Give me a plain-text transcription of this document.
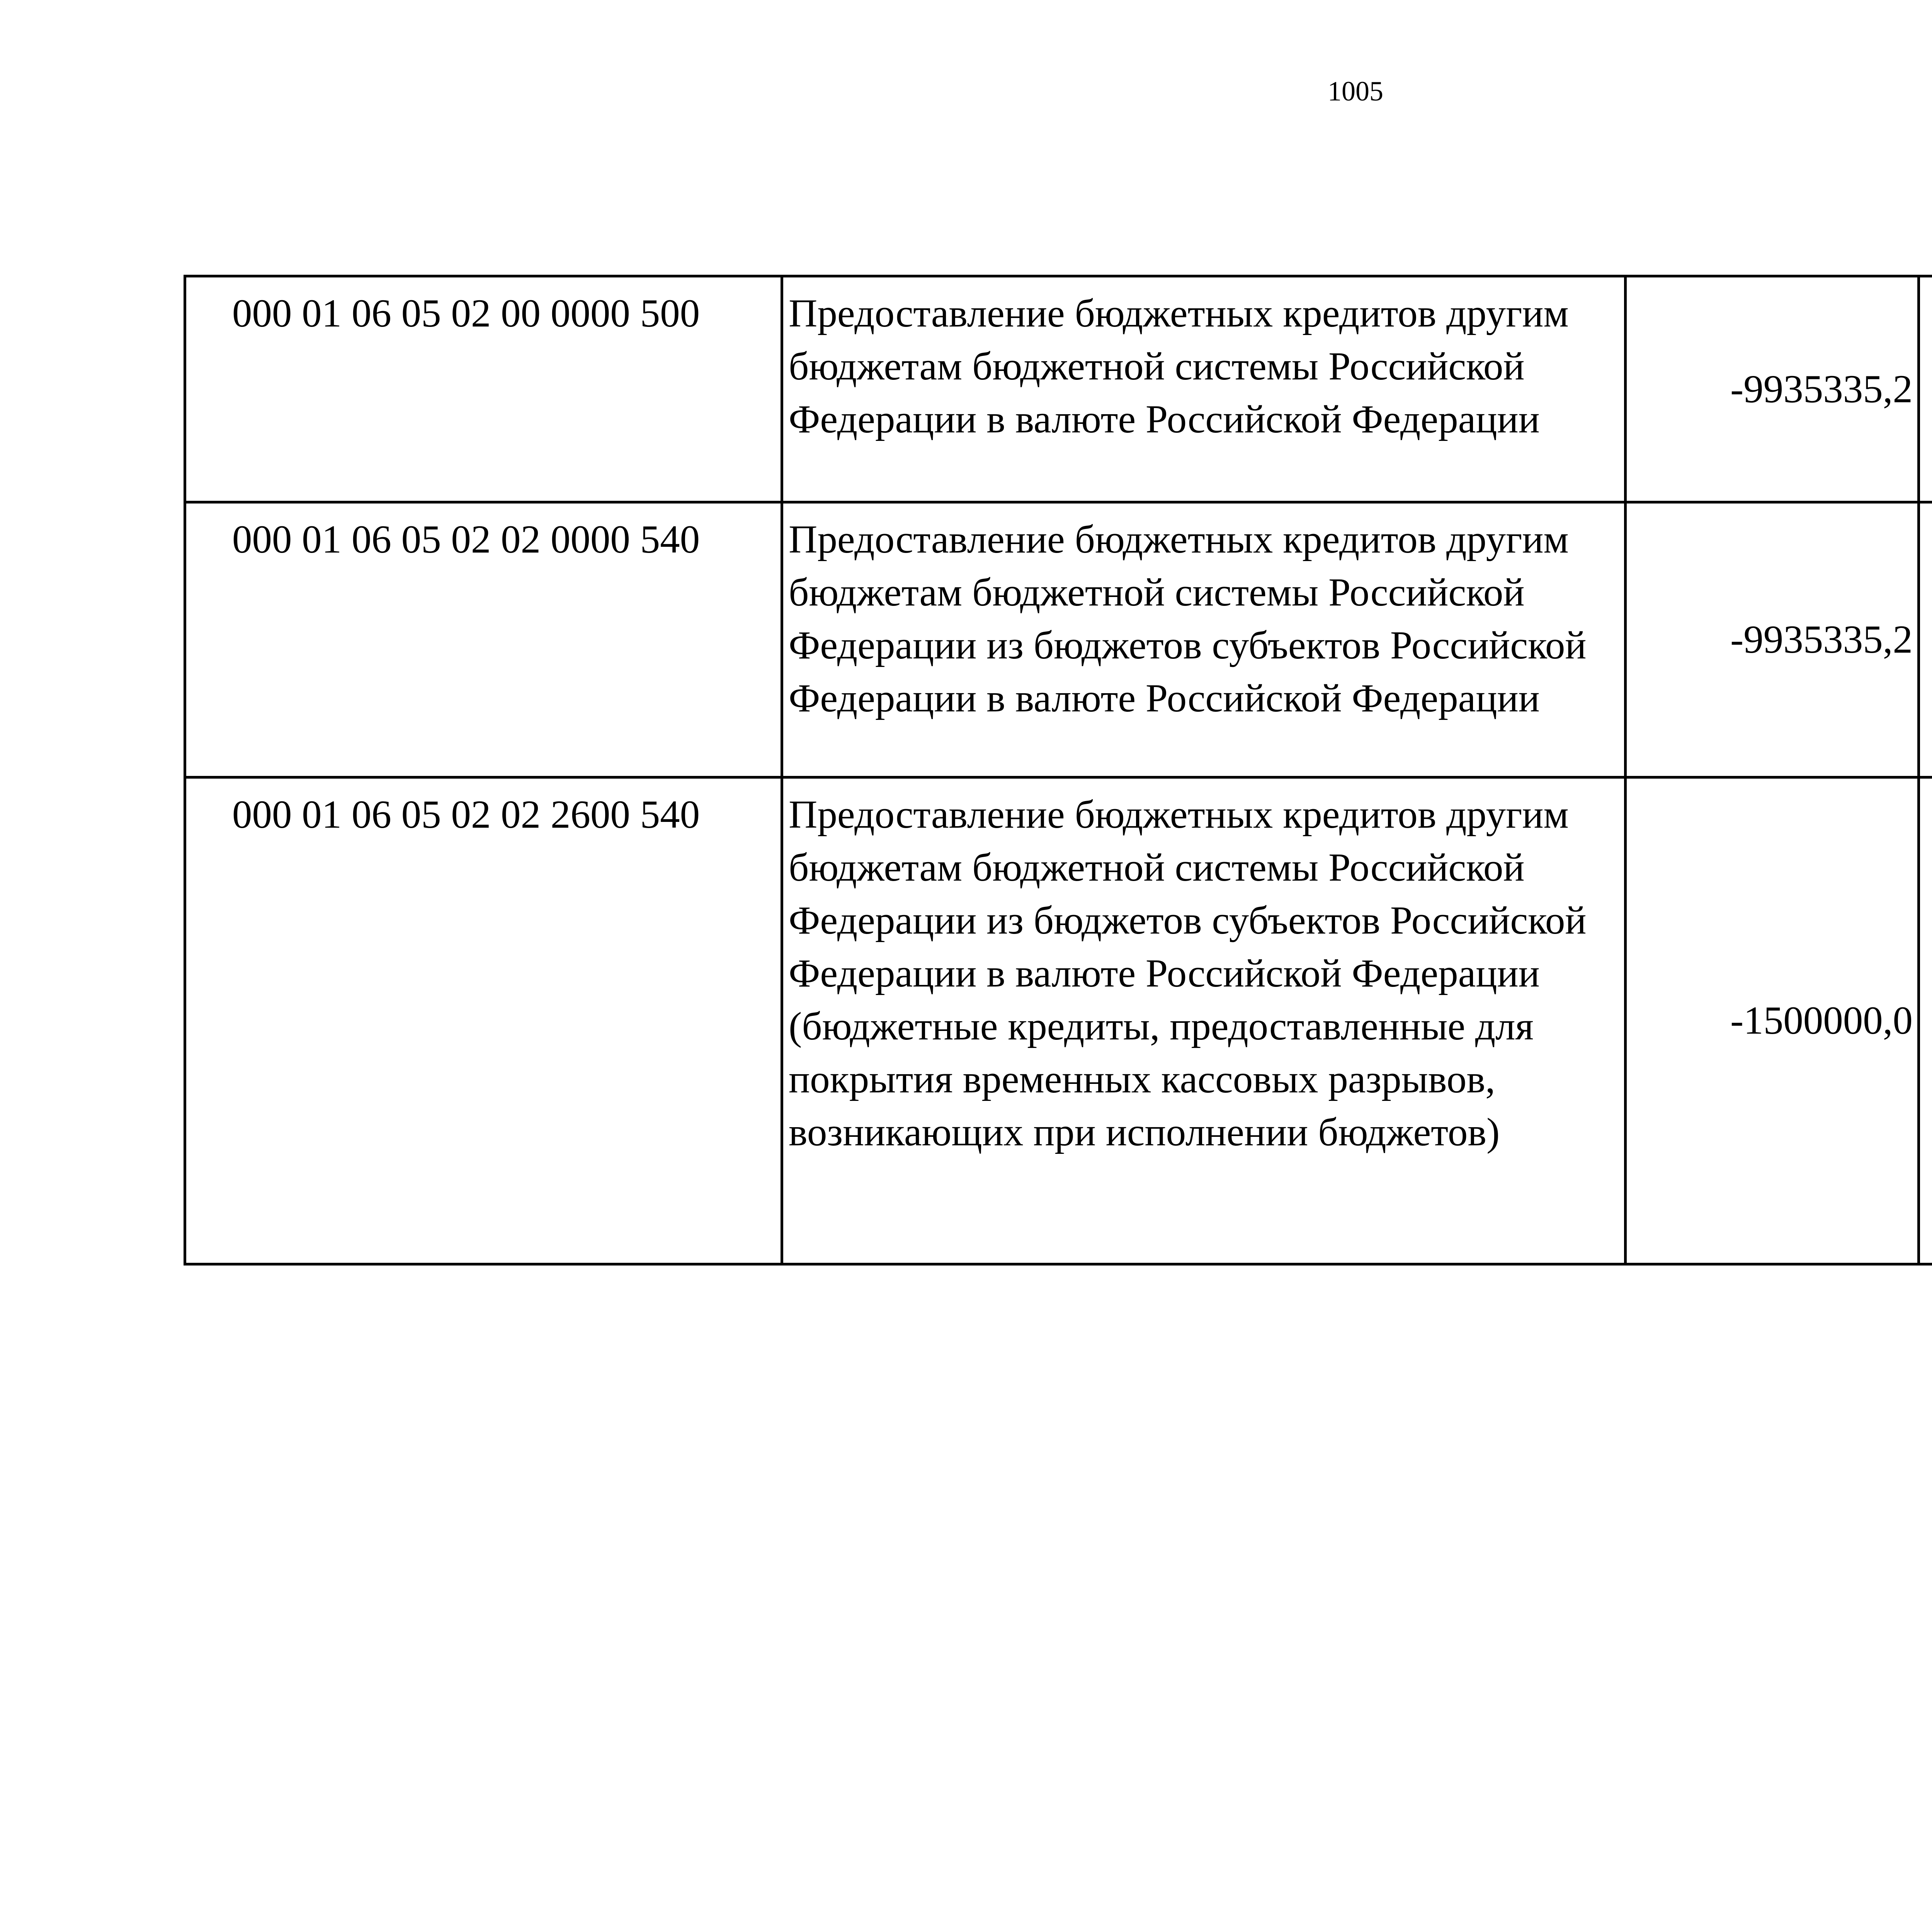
1005
000 01 06 05 02 00 0000 500	Предоставление бюджетных кредитов другим бюджетам бюджетной системы Российской Федерации в валюте Российской Федерации	-9935335,2		
000 01 06 05 02 02 0000 540	Предоставление бюджетных кредитов другим бюджетам бюджетной системы Российской Федерации из бюджетов субъектов Российской Федерации в валюте Российской Федерации	-9935335,2		
000 01 06 05 02 02 2600 540	Предоставление бюджетных кредитов другим бюджетам бюджетной системы Российской Федерации из бюджетов субъектов Российской Федерации в валюте Российской Федерации (бюджетные кредиты, предоставленные для покрытия временных кассовых разрывов, возникающих при исполнении бюджетов)	-1500000,0		
